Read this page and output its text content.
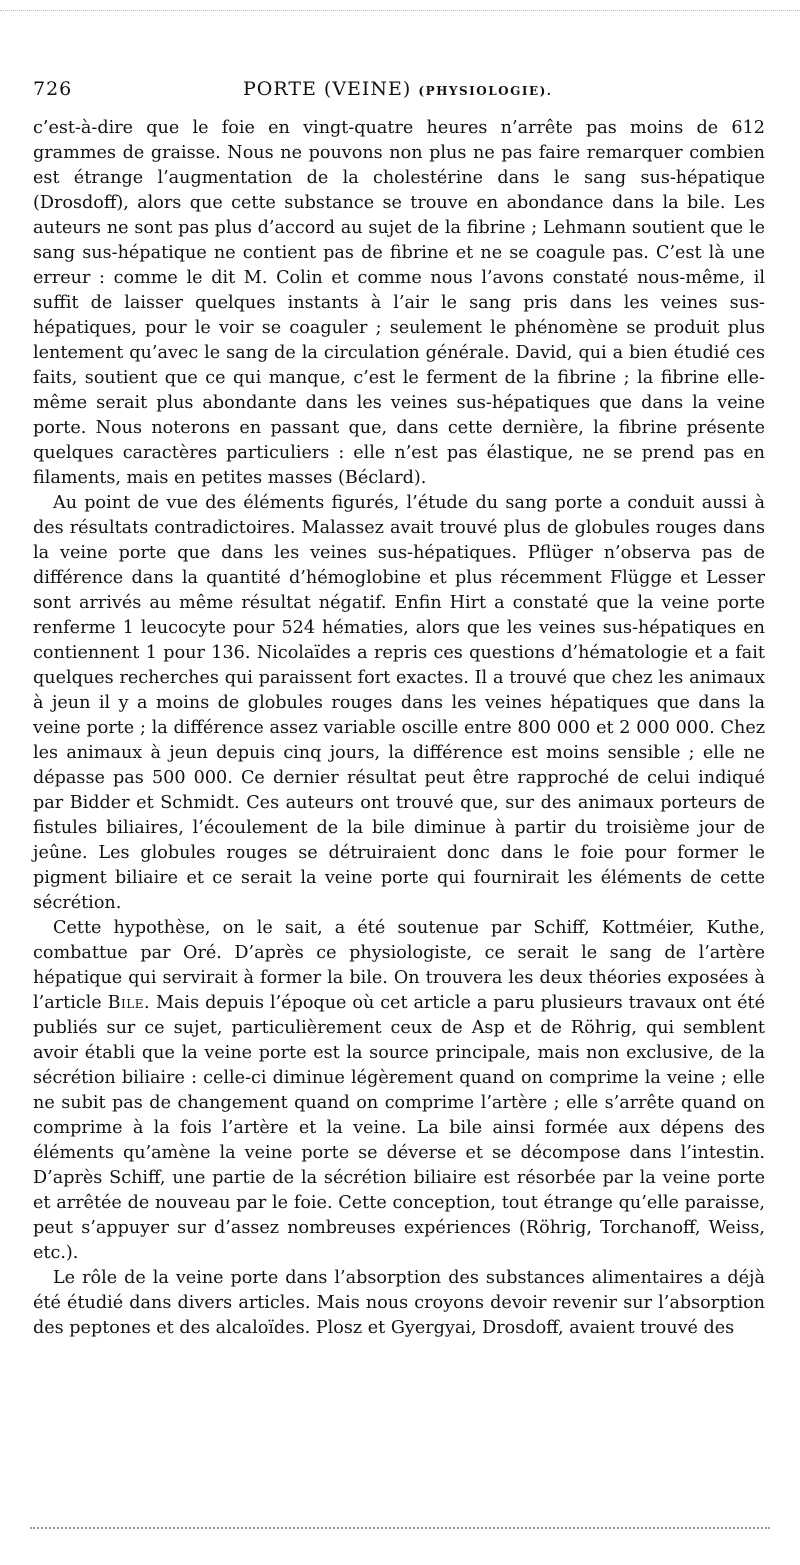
726	PORTE (VEINE) (PHYSIOLOGIE).

c’est-à-dire que le foie en vingt-quatre heures n’arrête pas moins de 612 grammes de graisse. Nous ne pouvons non plus ne pas faire remarquer combien est étrange l’augmentation de la cholestérine dans le sang sus-hépatique (Drosdoff), alors que cette substance se trouve en abondance dans la bile. Les auteurs ne sont pas plus d’accord au sujet de la fibrine ; Lehmann soutient que le sang sus-hépatique ne contient pas de fibrine et ne se coagule pas. C’est là une erreur : comme le dit M. Colin et comme nous l’avons constaté nous-même, il suffit de laisser quelques instants à l’air le sang pris dans les veines sus-hépatiques, pour le voir se coaguler ; seulement le phénomène se produit plus lentement qu’avec le sang de la circulation générale. David, qui a bien étudié ces faits, soutient que ce qui manque, c’est le ferment de la fibrine ; la fibrine elle-même serait plus abondante dans les veines sus-hépatiques que dans la veine porte. Nous noterons en passant que, dans cette dernière, la fibrine présente quelques caractères particuliers : elle n’est pas élastique, ne se prend pas en filaments, mais en petites masses (Béclard).

Au point de vue des éléments figurés, l’étude du sang porte a conduit aussi à des résultats contradictoires. Malassez avait trouvé plus de globules rouges dans la veine porte que dans les veines sus-hépatiques. Pflüger n’observa pas de différence dans la quantité d’hémoglobine et plus récemment Flügge et Lesser sont arrivés au même résultat négatif. Enfin Hirt a constaté que la veine porte renferme 1 leucocyte pour 524 hématies, alors que les veines sus-hépatiques en contiennent 1 pour 136. Nicolaïdes a repris ces questions d’hématologie et a fait quelques recherches qui paraissent fort exactes. Il a trouvé que chez les animaux à jeun il y a moins de globules rouges dans les veines hépatiques que dans la veine porte ; la différence assez variable oscille entre 800 000 et 2 000 000. Chez les animaux à jeun depuis cinq jours, la différence est moins sensible ; elle ne dépasse pas 500 000. Ce dernier résultat peut être rapproché de celui indiqué par Bidder et Schmidt. Ces auteurs ont trouvé que, sur des animaux porteurs de fistules biliaires, l’écoulement de la bile diminue à partir du troisième jour de jeûne. Les globules rouges se détruiraient donc dans le foie pour former le pigment biliaire et ce serait la veine porte qui fournirait les éléments de cette sécrétion.

Cette hypothèse, on le sait, a été soutenue par Schiff, Kottméier, Kuthe, combattue par Oré. D’après ce physiologiste, ce serait le sang de l’artère hépatique qui servirait à former la bile. On trouvera les deux théories exposées à l’article Bile. Mais depuis l’époque où cet article a paru plusieurs travaux ont été publiés sur ce sujet, particulièrement ceux de Asp et de Röhrig, qui semblent avoir établi que la veine porte est la source principale, mais non exclusive, de la sécrétion biliaire : celle-ci diminue légèrement quand on comprime la veine ; elle ne subit pas de changement quand on comprime l’artère ; elle s’arrête quand on comprime à la fois l’artère et la veine. La bile ainsi formée aux dépens des éléments qu’amène la veine porte se déverse et se décompose dans l’intestin. D’après Schiff, une partie de la sécrétion biliaire est résorbée par la veine porte et arrêtée de nouveau par le foie. Cette conception, tout étrange qu’elle paraisse, peut s’appuyer sur d’assez nombreuses expériences (Röhrig, Torchanoff, Weiss, etc.).

Le rôle de la veine porte dans l’absorption des substances alimentaires a déjà été étudié dans divers articles. Mais nous croyons devoir revenir sur l’absorption des peptones et des alcaloïdes. Plosz et Gyergyai, Drosdoff, avaient trouvé des
